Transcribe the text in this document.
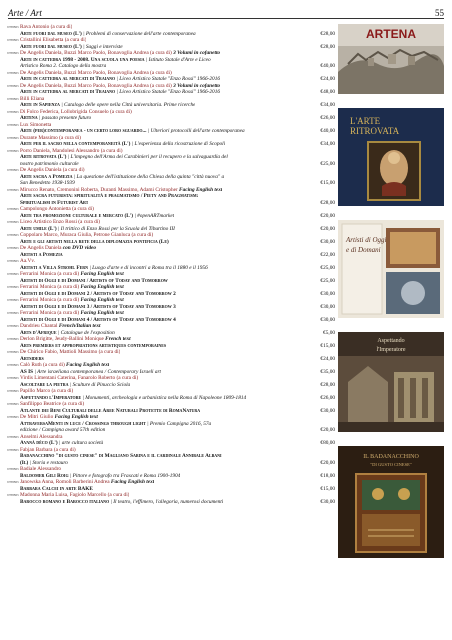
Arte / Art	55
9788865 Rava Antonio (a cura di)
Arte fuori dal museo (L') | Problemi di conservazione dell'arte contemporanea	€28,00
9788865 Cristallini Elisabetta (a cura di)
Arte fuori dal museo (L') | Saggi e interviste	€28,00
9788865 De Angelis Daniela, Buzzi Marco Paolo, Bonavoglia Andrea (a cura di) 3 Volumi in cofanetto
Arte in cattedra 1998 - 2008. Una scuola una poesia | Istituto Statale d'Arte e Liceo
Artistico Roma 2. Catalogo della mostra	€40,00
9788865 De Angelis Daniela, Buzzi Marco Paolo, Bonavoglia Andrea (a cura di)
Arte in cattedra al mercati di Traiano | Liceo Artistico Statale "Enzo Rossi" 1966-2016	€24,00
9788865 De Angelis Daniela, Buzzi Marco Paolo, Bonavoglia Andrea (a cura di) 3 Volumi in cofanetto
Arte in cattedra al mercati di Traiano | Liceo Artistico Statale "Enzo Rossi" 1966-2016	€48,00
9788865 Billi Eliana
Arte in Sapienza | Catalogo delle opere nella Città universitaria. Prime ricerche	€34,00
9788865 Di Folco Federica, Lollobrigida Consuelo (a cura di)
Artena | passato presente futuro	€26,00
9788865 Lux Simonetta
Arte (per)contemporanea - un certo loro sguardo... | Ulteriori protocolli dell'arte contemporanea	€40,00
9788865 Durante Massimo (a cura di)
Arte per il sacro nella contemporaneità (L') | L'esperienza della ricostruzione di Scopoli	€34,00
9788865 Porro Daniela, Mandolesi Alessandro (a cura di)
Arte ritrovata (L') | L'impegno dell'Arma dei Carabinieri per il recupero e la salvaguardia del
nostro patrimonio culturale	€25,00
9788865 De Angelis Daniela (a cura di)
Arte sacra a Pomezia | La questione dell'istituzione della Chiesa della quinta "città nuova" a
San Benedetto 1938-1939	€15,00
9788865 Mirucco Renato, Cremonini Roberta, Duranti Massimo, Adami Cristopher Facing English text
Arte sacra futurista: spiritualità e pragmatismo / Piety and Pragmatism:
Spiritualism in Futurist Art	€28,00
9788865 Campolongo Antonietta (a cura di)
Arte tra promozione culturale e mercato (L') | #openARTmarket	€20,00
9788865 Liceo Artistico Enzo Rossi (a cura di)
Arte umile (L') | Il trittico di Enzo Rossi per la Scuola del Tiburtino III	€20,00
9788865 Coppolaro Marco, Muraca Giulia, Petrone Gianluca (a cura di)
Arte e gli artisti nella rete della diplomazia pontificia (Le)	€30,00
9788865 De Angelis Daniela con DVD video
Artisti a Pomezia	€22,00
9788865 Aa.Vv.
Artisti a Villa Strohl Fern | Luogo d'arte e di incontri a Roma tra il 1880 e il 1956	€25,00
9788865 Ferrarini Monica (a cura di) Facing English text
Artisti di Oggi e di Domani / Artists of Today and Tomorrow	€25,00
9788865 Ferrarini Monica (a cura di) Facing English text
Artisti di Oggi e di Domani 2 / Artists of Today and Tomorrow 2	€30,00
9788865 Ferrarini Monica (a cura di) Facing English text
Artisti di Oggi e di Domani 3 / Artists of Today and Tomorrow 3	€30,00
9788865 Ferrarini Monica (a cura di) Facing English text
Artisti di Oggi e di Domani 4 / Artists of Today and Tomorrow 4	€30,00
9788865 Dandrieu Chantal French/Italian text
Arts d'Afrique | Catalogue de l'exposition	€5,00
9788865 Derlon Brigitte, Jeudy-Ballini Monique French text
Arts premiers et appropriations artistiques contemporaines	€15,00
9788865 De Chirico Fabio, Mattioli Massimo (a cura di)
Artsiders	€24,00
9788865 Calò Ruth (a cura di) Facing English text
AS IS | Arte israeliana contemporanea / Contemporary Israeli art	€35,00
9788865 Virdis Limentani Caterina, Fanarolo Roberto (a cura di)
Ascoltare la pietra | Sculture di Pinuccio Sciola	€28,00
9788865 Papillo Marco (a cura di)
Aspettando l'Imperatore | Monumenti, archeologia e urbanistica nella Roma di Napoleone 1809-1814	€26,00
9788865 Sanfilippo Beatrice (a cura di)
Atlante dei Beni Culturali delle Aree Naturali Protette di RomaNatura	€30,00
9788865 De Mitri Giulio Facing English text
AttraversaMenti in luce / Crossings through light | Premio Campigna 2016, 57a
edizione / Campigna award 57th edition	€20,00
9788865 Anselmi Alessandra
Avanà déco (L') | arte cultura società	€80,00
9788865 Fabjan Barbara (a cura di)
Badanacchino "di gusto cinese" di Magliano Sabina e il cardinale Annibale Albani
(Il) | Storia e restauro	€20,00
9788865 Badiale Alessandro
Baldomer Gili Roig | Pittore e fotografo tra Frascati e Roma 1900-1904	€18,00
9788865 Janowska Anna, Romoli Barberini Andrea Facing English text
Barbara Calcei in arte BAKE	€15,00
9788865 Madonna Maria Luisa, Fagiolo Marcello (a cura di)
Barocco romano e Barocco italiano | Il teatro, l'effimero, l'allegoria, numerosi documenti	€30,00
ARTENA

L'ARTE
RITROVATA

Artisti di Oggi
e di Domani

Aspettando
l'Imperatore

IL BADANACCHINO
"DI GUSTO CINESE"
